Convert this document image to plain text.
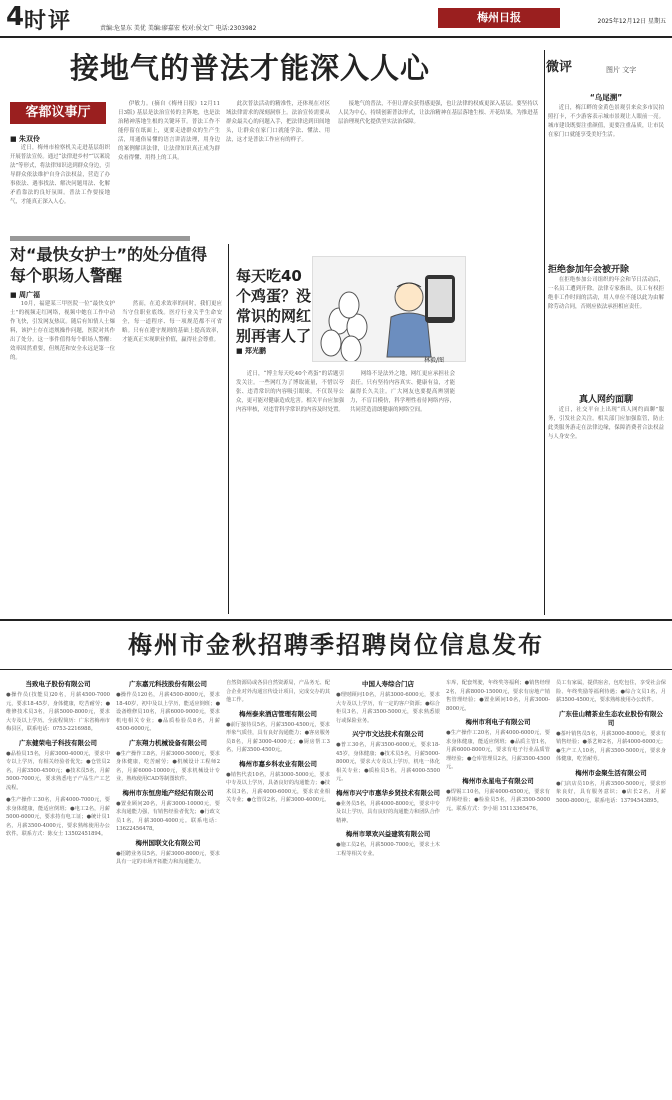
4 时评	责编:危显东 美优 美编:廖嘉宏 校对:侯文广 电话:2303982
梅州日报	2025年12月12日 星期五
接地气的普法才能深入人心
客都议事厅
■ 朱双伶

近日，梅州市检察机关走进基层组织开展普法宣传。通过“法律进乡村”“以案说法”等形式，将法律知识送到群众身边，引导群众依法维护自身合法权益，营造了办事依法、遇事找法、解决问题用法、化解矛盾靠法的良好氛围。普法工作要接地气，才能真正深入人心。

伊敏力。(摘自《梅州日报》12月11日3版) 基层是法治宣传的主阵地，也是法治精神落地生根的关键环节。普法工作不能停留在纸面上，更要走进群众的生产生活，用通俗易懂的语言讲清法理，用身边的案例解读法律，让法律知识真正成为群众看得懂、用得上的工具。

此次普法活动的精准性，还体现在对区域法律需求的深刻洞察上。法治宣传需要从群众最关心的问题入手，把法律送到田间地头，让群众在家门口就能学法、懂法、用法，这才是普法工作应有的样子。

接地气的普法，不但让群众获得感更强，也让法律的权威更深入基层。要坚持以人民为中心，持续创新普法形式，让法治精神在基层落地生根、开花结果，为推进基层治理现代化提供坚实法治保障。

对“最快女护士”的处分值得每个职场人警醒
■ 周广福

10月，福建某三甲医院一位“最快女护士”的视频走红网络，视频中她在工作中动作飞快，引发网友热议。随后有知情人士爆料，该护士存在违规操作问题，医院对其作出了处分。这一事件值得每个职场人警醒：效率固然重要，但规范和安全永远是第一位的。

然而，在追求效率的同时，我们更应当守住职业底线。医疗行业关乎生命安全，每一道程序、每一项规范都不可省略。只有在遵守规则的基础上提高效率，才能真正实现职业价值，赢得社会尊重。

每天吃40个鸡蛋？没常识的网红别再害人了
■ 郑光鹏
林毅/图

近日，“博主每天吃40个鸡蛋”的话题引发关注。一些网红为了博取流量，不惜以夸张、违背常识的内容吸引眼球，不仅误导公众，更可能对健康造成危害。相关平台应加强内容审核，对违背科学常识的内容及时处置。

网络不是法外之地，网红更应承担社会责任。只有坚持内容真实、健康有益，才能赢得长久关注。广大网友也要提高辨别能力，不盲目模仿，科学理性看待网络内容，共同营造清朗健康的网络空间。

微评	图片 文字
“乌尾溯”

近日，梅江畔的金黄色景观引来众多市民拍照打卡，不少游客表示城市景观让人眼前一亮。城市建设既要注重颜值，更要注重品质，让市民在家门口就能享受美好生活。

拒绝参加年会被开除

在拒绝参加公司组织的年会和节日活动后，一名员工遭到开除。法律专家指出，员工有权拒绝非工作时间的活动，用人单位不能以此为由解除劳动合同，否则应依法承担相应责任。

真人网约面聊

近日，社交平台上出现“真人网约面聊”服务，引发社会关注。相关部门应加强监管，防止此类服务游走在法律边缘，保障消费者合法权益与人身安全。

梅州市金秋招聘季招聘岗位信息发布
当致电子股份有限公司
●操作员(技能员)20名，月薪4500-7000元，要求18-45岁，身体健康，吃苦耐劳；●维修技术员3名，月薪5000-8000元，要求大专及以上学历。全流程简历：广东省梅州市梅县区，联系电话：0753-2216988。
广东健荣电子科技有限公司
●品检员15名，月薪3000-4000元，要求中专以上学历，有相关经验者优先；●仓管员2名，月薪3500-4500元；●技术员5名，月薪5000-7000元，要求熟悉电子产品生产工艺流程。
●生产操作工30名，月薪4000-7000元，要求身体健康，能适应倒班；●电工2名，月薪5000-6000元，要求持有电工证；●统计员1名，月薪3500-4000元，要求熟练使用办公软件。联系方式：陈女士 13502451894。
广东嘉元科技股份有限公司
●操作员120名，月薪4500-8000元，要求18-40岁，初中及以上学历，能适应倒班；●设备维修员10名，月薪6000-9000元，要求机电相关专业；●品质检验员8名，月薪4500-6000元。
广东翔力机械设备有限公司
●生产操作工8名，月薪3000-5000元，要求身体健康，吃苦耐劳；●机械设计工程师2名，月薪6000-10000元，要求机械设计专业，熟练使用CAD等制图软件。
梅州市东恒房地产经纪有限公司
●置业顾问20名，月薪3000-10000元，要求沟通能力强，有销售经验者优先；●行政文员1名，月薪3000-4000元。联系电话：13622456478。
梅州国联文化有限公司
●招聘业务员5名，月薪3000-8000元，要求具有一定的市场开拓能力和沟通能力。
自然资源局或各县自然资源局，产品务无、配合企业对外沟通宣传设计项目，完成交办的其他工作。
梅州泰来酒店管理有限公司
●前厅接待员5名，月薪3500-4500元，要求形象气质佳，具有良好沟通能力；●客房服务员8名，月薪3000-4000元；●厨房帮工3名，月薪3500-4500元。
梅州市嘉乡科农业有限公司
●销售代表10名，月薪3000-5000元，要求中专及以上学历，具备良好的沟通能力；●技术员3名，月薪4000-6000元，要求农业相关专业；●仓管员2名，月薪3000-4000元。
中国人寿综合门店
●理财顾问10名，月薪3000-6000元，要求大专及以上学历，有一定的客户资源；●综合柜员3名，月薪3500-5000元，要求熟悉银行或保险业务。
兴宁市文达技术有限公司
●普工30名，月薪3500-6000元，要求18-45岁，身体健康；●技术员5名，月薪5000-8000元，要求大专及以上学历，机电一体化相关专业；●质检员5名，月薪4000-5500元。
梅州市兴宁市惠华乡贤技术有限公司
●业务员5名，月薪4000-8000元，要求中专及以上学历，具有良好的沟通能力和团队合作精神。
梅州市翠欢兴益建筑有限公司
●施工员2名，月薪5000-7000元，要求土木工程等相关专业。
车库，配套驾驶，年终奖等福利；●销售经理2名，月薪8000-15000元，要求有房地产销售管理经验；●置业顾问10名，月薪3000-8000元。
梅州市利电子有限公司
●生产操作工20名，月薪4000-6000元，要求身体健康，能适应倒班；●品质主管1名，月薪6000-8000元，要求有电子行业品质管理经验；●仓库管理员2名，月薪3500-4500元。
梅州市永星电子有限公司
●焊锡工10名，月薪4000-6500元，要求有焊锡经验；●检验员5名，月薪3500-5000元。联系方式：李小姐 15113365476。
员工有家属，提供宿舍，包吃包住，享受社会保险、年终奖励等福利待遇；●综合文员1名，月薪3500-4500元，要求熟练使用办公软件。
广东佳山精茶业生态农业股份有限公司
●茶叶销售员5名，月薪3000-8000元，要求有销售经验；●茶艺师2名，月薪4000-6000元；●生产工人10名，月薪3500-5000元，要求身体健康，吃苦耐劳。
梅州市金聚生活有限公司
●门店店员10名，月薪3500-5000元，要求形象良好，具有服务意识；●店长2名，月薪5000-8000元。联系电话：13794543895。
